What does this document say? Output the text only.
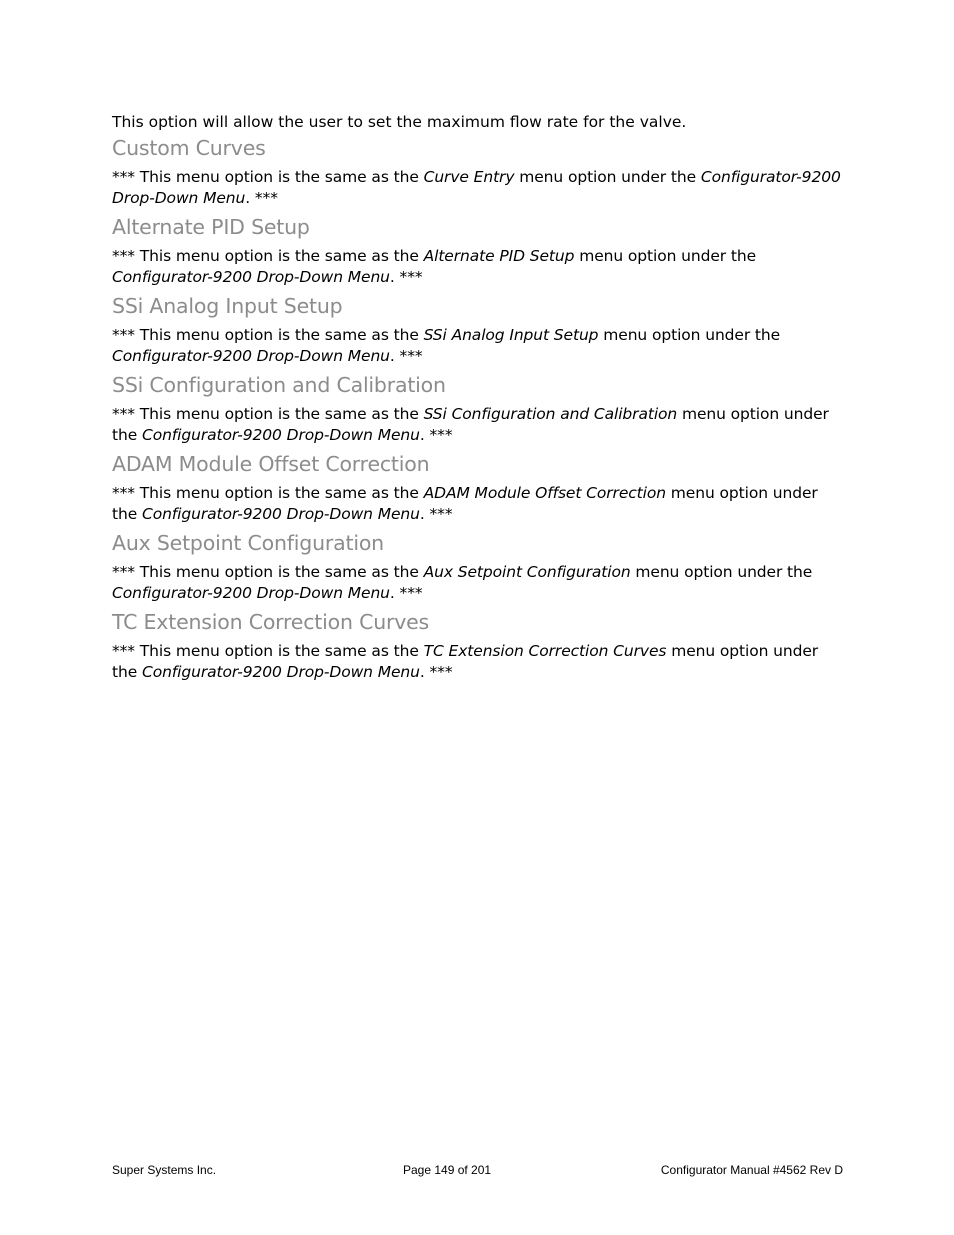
This option will allow the user to set the maximum flow rate for the valve.

Custom Curves

*** This menu option is the same as the Curve Entry menu option under the Configurator-9200 Drop-Down Menu. ***

Alternate PID Setup

*** This menu option is the same as the Alternate PID Setup menu option under the
Configurator-9200 Drop-Down Menu. ***

SSi Analog Input Setup

*** This menu option is the same as the SSi Analog Input Setup menu option under the
Configurator-9200 Drop-Down Menu. ***

SSi Configuration and Calibration

*** This menu option is the same as the SSi Configuration and Calibration menu option under the Configurator-9200 Drop-Down Menu. ***

ADAM Module Offset Correction

*** This menu option is the same as the ADAM Module Offset Correction menu option under the Configurator-9200 Drop-Down Menu. ***

Aux Setpoint Configuration

*** This menu option is the same as the Aux Setpoint Configuration menu option under the
Configurator-9200 Drop-Down Menu. ***

TC Extension Correction Curves

*** This menu option is the same as the TC Extension Correction Curves menu option under the Configurator-9200 Drop-Down Menu. ***

Super Systems Inc.	Page 149 of 201	Configurator Manual #4562 Rev D
